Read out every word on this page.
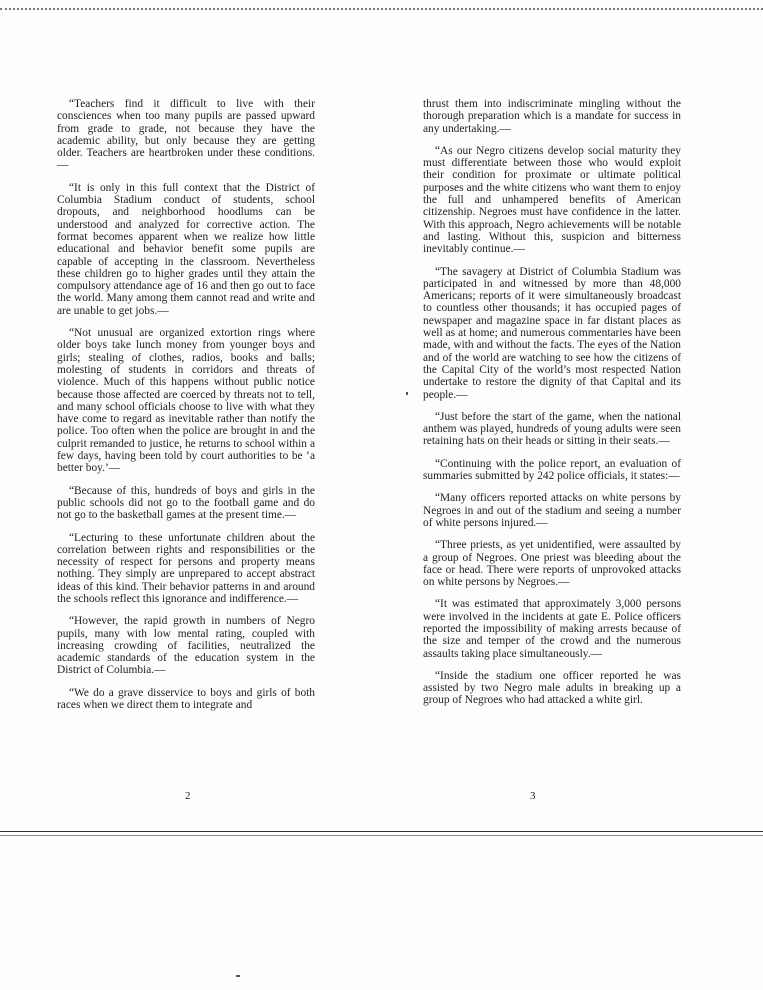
“Teachers find it difficult to live with their consciences when too many pupils are passed upward from grade to grade, not because they have the academic ability, but only because they are getting older. Teachers are heartbroken under these conditions.—

“It is only in this full context that the District of Columbia Stadium conduct of students, school dropouts, and neighborhood hoodlums can be understood and analyzed for corrective action. The format becomes apparent when we realize how little educational and behavior benefit some pupils are capable of accepting in the classroom. Nevertheless these children go to higher grades until they attain the compulsory attendance age of 16 and then go out to face the world. Many among them cannot read and write and are unable to get jobs.—

“Not unusual are organized extortion rings where older boys take lunch money from younger boys and girls; stealing of clothes, radios, books and balls; molesting of students in corridors and threats of violence. Much of this happens without public notice because those affected are coerced by threats not to tell, and many school officials choose to live with what they have come to regard as inevitable rather than notify the police. Too often when the police are brought in and the culprit remanded to justice, he returns to school within a few days, having been told by court authorities to be ‘a better boy.’—

“Because of this, hundreds of boys and girls in the public schools did not go to the football game and do not go to the basketball games at the present time.—

“Lecturing to these unfortunate children about the correlation between rights and responsibilities or the necessity of respect for persons and property means nothing. They simply are unprepared to accept abstract ideas of this kind. Their behavior patterns in and around the schools reflect this ignorance and indifference.—

“However, the rapid growth in numbers of Negro pupils, many with low mental rating, coupled with increasing crowding of facilities, neutralized the academic standards of the education system in the District of Columbia.—

“We do a grave disservice to boys and girls of both races when we direct them to integrate and

thrust them into indiscriminate mingling without the thorough preparation which is a mandate for success in any undertaking.—

“As our Negro citizens develop social maturity they must differentiate between those who would exploit their condition for proximate or ultimate political purposes and the white citizens who want them to enjoy the full and unhampered benefits of American citizenship. Negroes must have confidence in the latter. With this approach, Negro achievements will be notable and lasting. Without this, suspicion and bitterness inevitably continue.—

“The savagery at District of Columbia Stadium was participated in and witnessed by more than 48,000 Americans; reports of it were simultaneously broadcast to countless other thousands; it has occupied pages of newspaper and magazine space in far distant places as well as at home; and numerous commentaries have been made, with and without the facts. The eyes of the Nation and of the world are watching to see how the citizens of the Capital City of the world’s most respected Nation undertake to restore the dignity of that Capital and its people.—

“Just before the start of the game, when the national anthem was played, hundreds of young adults were seen retaining hats on their heads or sitting in their seats.—

“Continuing with the police report, an evaluation of summaries submitted by 242 police officials, it states:—

“Many officers reported attacks on white persons by Negroes in and out of the stadium and seeing a number of white persons injured.—

“Three priests, as yet unidentified, were assaulted by a group of Negroes. One priest was bleeding about the face or head. There were reports of unprovoked attacks on white persons by Negroes.—

“It was estimated that approximately 3,000 persons were involved in the incidents at gate E. Police officers reported the impossibility of making arrests because of the size and temper of the crowd and the numerous assaults taking place simultaneously.—

“Inside the stadium one officer reported he was assisted by two Negro male adults in breaking up a group of Negroes who had attacked a white girl.

2	3
